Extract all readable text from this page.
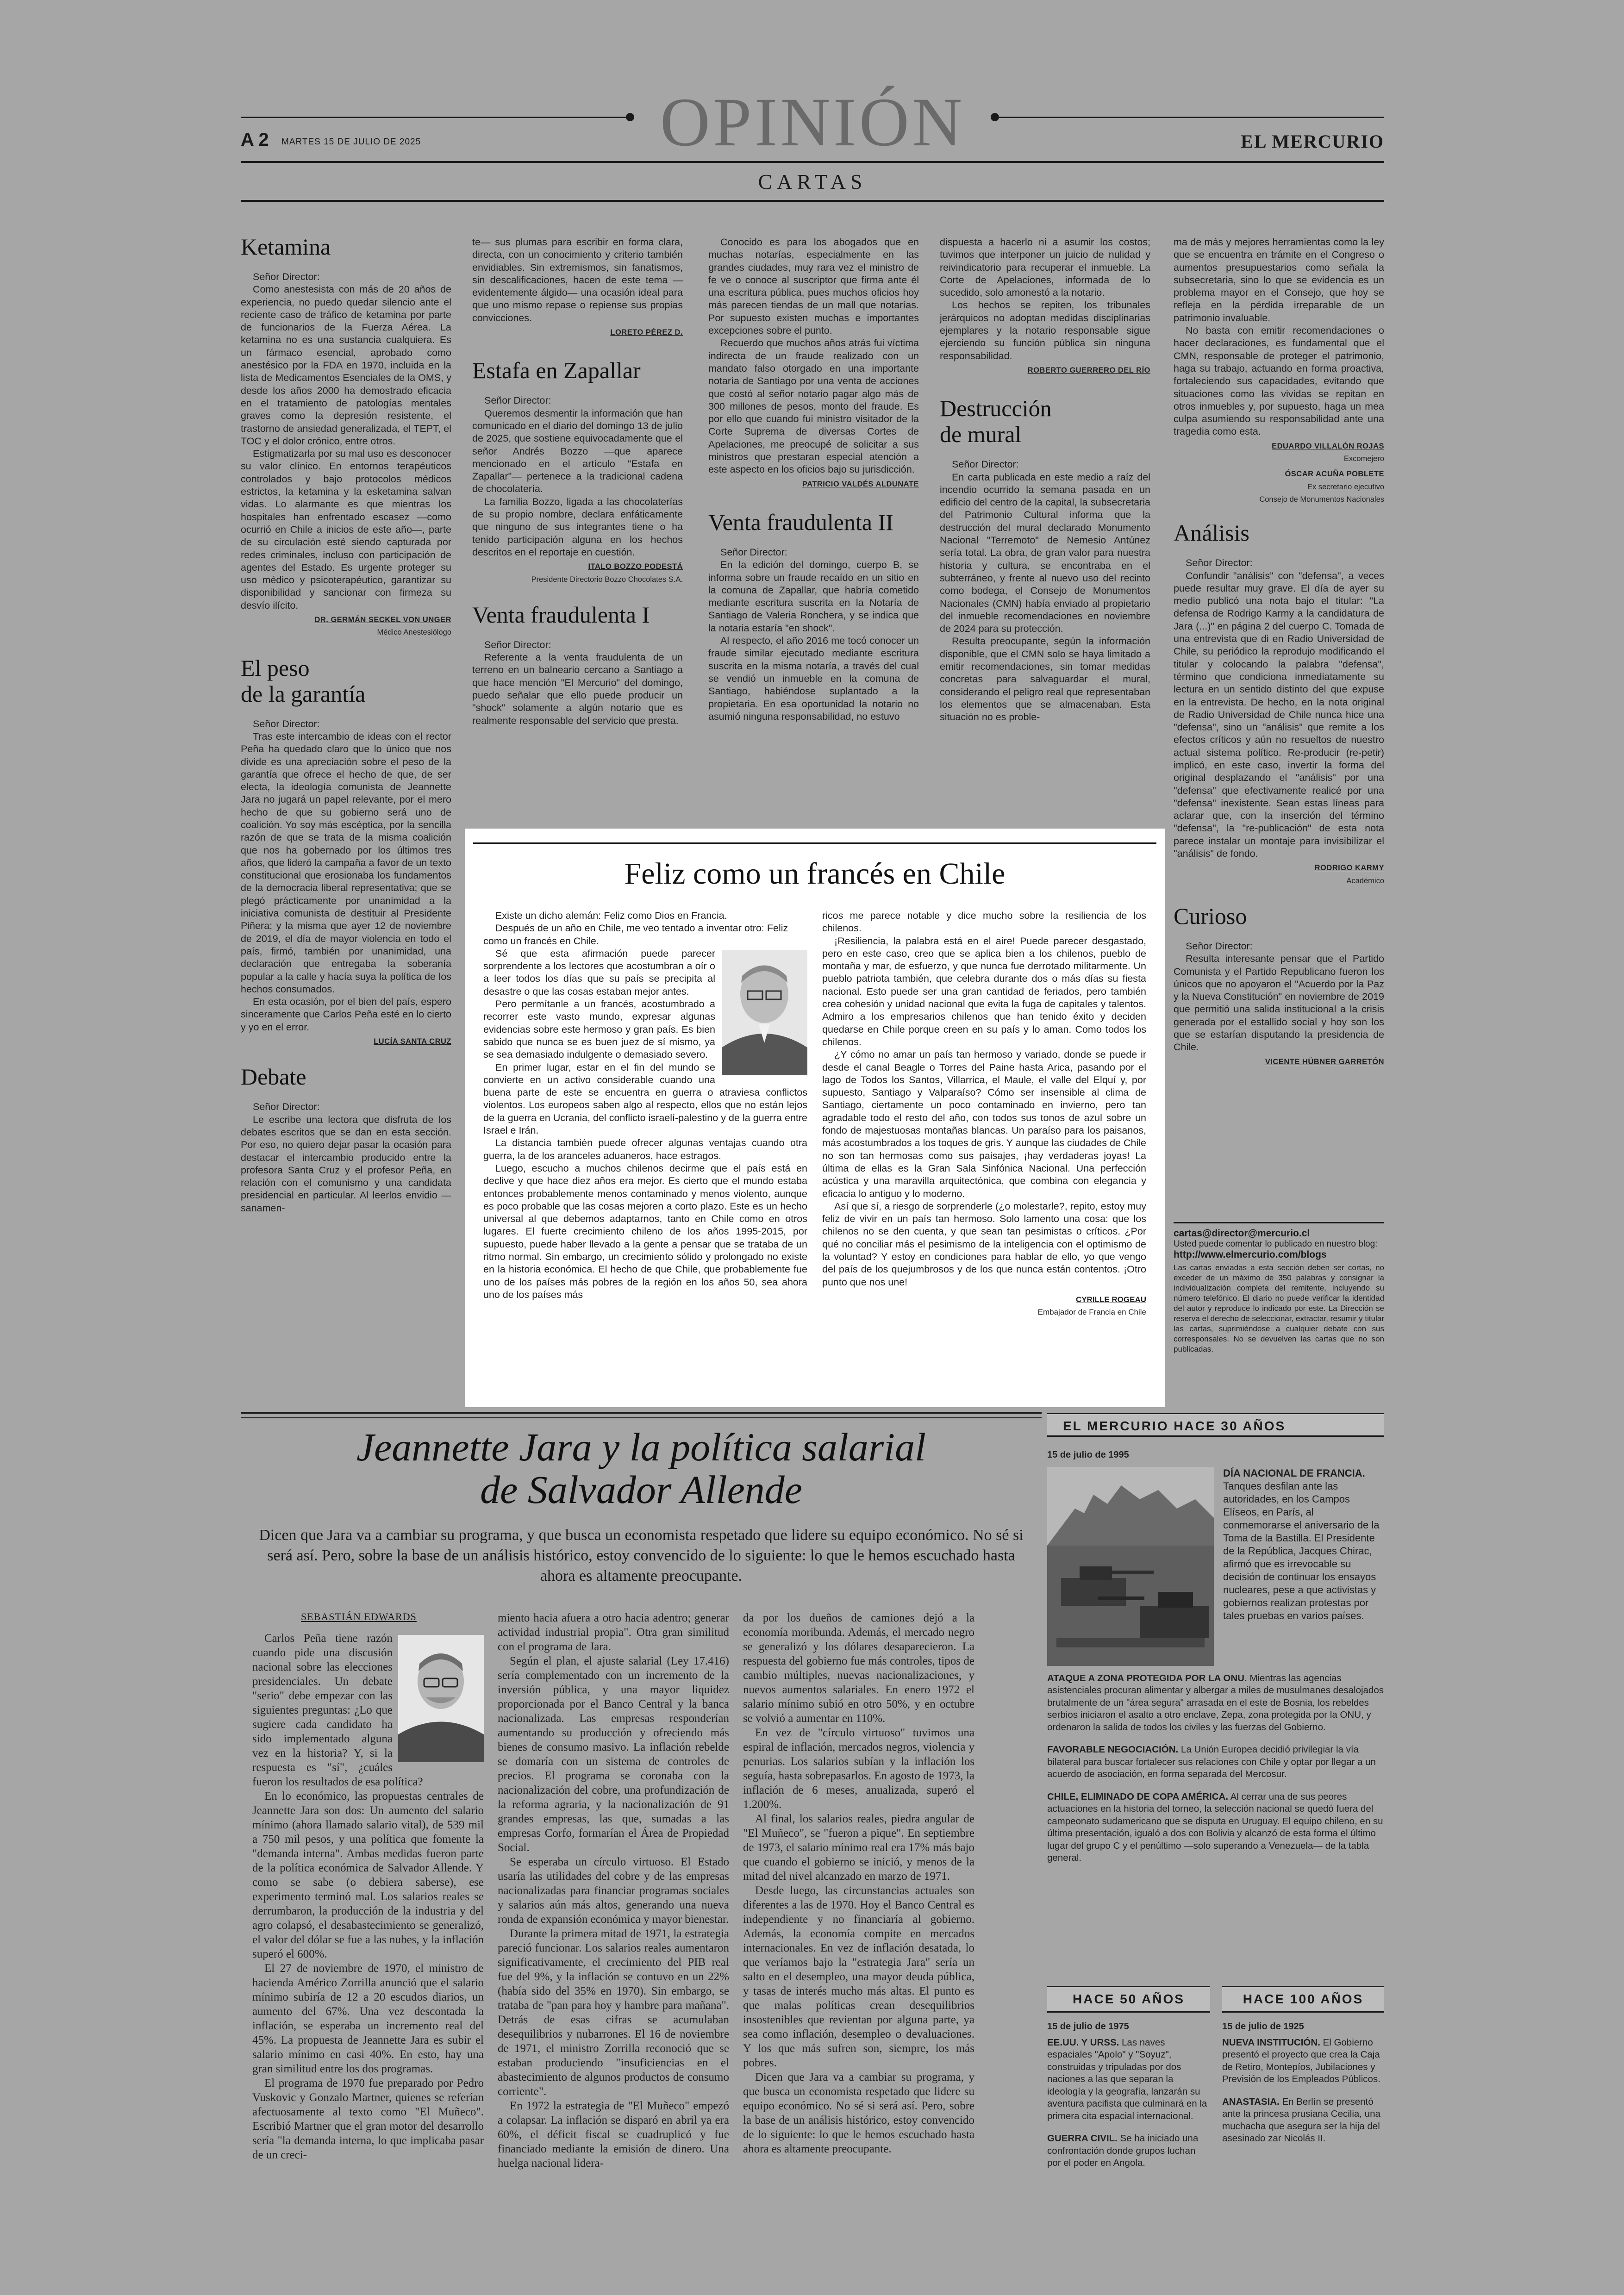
OPINIÓN
A 2 MARTES 15 DE JULIO DE 2025	EL MERCURIO
CARTAS
Ketamina

Señor Director:

Como anestesista con más de 20 años de experiencia, no puedo quedar silencio ante el reciente caso de tráfico de ketamina por parte de funcionarios de la Fuerza Aérea. La ketamina no es una sustancia cualquiera. Es un fármaco esencial, aprobado como anestésico por la FDA en 1970, incluida en la lista de Medicamentos Esenciales de la OMS, y desde los años 2000 ha demostrado eficacia en el tratamiento de patologías mentales graves como la depresión resistente, el trastorno de ansiedad generalizada, el TEPT, el TOC y el dolor crónico, entre otros.

Estigmatizarla por su mal uso es desconocer su valor clínico. En entornos terapéuticos controlados y bajo protocolos médicos estrictos, la ketamina y la esketamina salvan vidas. Lo alarmante es que mientras los hospitales han enfrentado escasez —como ocurrió en Chile a inicios de este año—, parte de su circulación esté siendo capturada por redes criminales, incluso con participación de agentes del Estado. Es urgente proteger su uso médico y psicoterapéutico, garantizar su disponibilidad y sancionar con firmeza su desvío ilícito.

DR. GERMÁN SECKEL VON UNGER
Médico Anestesiólogo
El peso
de la garantía

Señor Director:

Tras este intercambio de ideas con el rector Peña ha quedado claro que lo único que nos divide es una apreciación sobre el peso de la garantía que ofrece el hecho de que, de ser electa, la ideología comunista de Jeannette Jara no jugará un papel relevante, por el mero hecho de que su gobierno será uno de coalición. Yo soy más escéptica, por la sencilla razón de que se trata de la misma coalición que nos ha gobernado por los últimos tres años, que lideró la campaña a favor de un texto constitucional que erosionaba los fundamentos de la democracia liberal representativa; que se plegó prácticamente por unanimidad a la iniciativa comunista de destituir al Presidente Piñera; y la misma que ayer 12 de noviembre de 2019, el día de mayor violencia en todo el país, firmó, también por unanimidad, una declaración que entregaba la soberanía popular a la calle y hacía suya la política de los hechos consumados.

En esta ocasión, por el bien del país, espero sinceramente que Carlos Peña esté en lo cierto y yo en el error.

LUCÍA SANTA CRUZ
Debate

Señor Director:

Le escribe una lectora que disfruta de los debates escritos que se dan en esta sección. Por eso, no quiero dejar pasar la ocasión para destacar el intercambio producido entre la profesora Santa Cruz y el profesor Peña, en relación con el comunismo y una candidata presidencial en particular. Al leerlos envidio —sanamen-

te— sus plumas para escribir en forma clara, directa, con un conocimiento y criterio también envidiables. Sin extremismos, sin fanatismos, sin descalificaciones, hacen de este tema —evidentemente álgido— una ocasión ideal para que uno mismo repase o repiense sus propias convicciones.

LORETO PÉREZ D.
Estafa en Zapallar

Señor Director:

Queremos desmentir la información que han comunicado en el diario del domingo 13 de julio de 2025, que sostiene equivocadamente que el señor Andrés Bozzo —que aparece mencionado en el artículo "Estafa en Zapallar"— pertenece a la tradicional cadena de chocolatería.

La familia Bozzo, ligada a las chocolaterías de su propio nombre, declara enfáticamente que ninguno de sus integrantes tiene o ha tenido participación alguna en los hechos descritos en el reportaje en cuestión.

ITALO BOZZO PODESTÁ
Presidente Directorio Bozzo Chocolates S.A.
Venta fraudulenta I

Señor Director:

Referente a la venta fraudulenta de un terreno en un balneario cercano a Santiago a que hace mención "El Mercurio" del domingo, puedo señalar que ello puede producir un "shock" solamente a algún notario que es realmente responsable del servicio que presta.

Conocido es para los abogados que en muchas notarías, especialmente en las grandes ciudades, muy rara vez el ministro de fe ve o conoce al suscriptor que firma ante él una escritura pública, pues muchos oficios hoy más parecen tiendas de un mall que notarías. Por supuesto existen muchas e importantes excepciones sobre el punto.

Recuerdo que muchos años atrás fui víctima indirecta de un fraude realizado con un mandato falso otorgado en una importante notaría de Santiago por una venta de acciones que costó al señor notario pagar algo más de 300 millones de pesos, monto del fraude. Es por ello que cuando fui ministro visitador de la Corte Suprema de diversas Cortes de Apelaciones, me preocupé de solicitar a sus ministros que prestaran especial atención a este aspecto en los oficios bajo su jurisdicción.

PATRICIO VALDÉS ALDUNATE
Venta fraudulenta II

Señor Director:

En la edición del domingo, cuerpo B, se informa sobre un fraude recaído en un sitio en la comuna de Zapallar, que habría cometido mediante escritura suscrita en la Notaría de Santiago de Valeria Ronchera, y se indica que la notaria estaría "en shock".

Al respecto, el año 2016 me tocó conocer un fraude similar ejecutado mediante escritura suscrita en la misma notaría, a través del cual se vendió un inmueble en la comuna de Santiago, habiéndose suplantado a la propietaria. En esa oportunidad la notario no asumió ninguna responsabilidad, no estuvo

dispuesta a hacerlo ni a asumir los costos; tuvimos que interponer un juicio de nulidad y reivindicatorio para recuperar el inmueble. La Corte de Apelaciones, informada de lo sucedido, solo amonestó a la notario.

Los hechos se repiten, los tribunales jerárquicos no adoptan medidas disciplinarias ejemplares y la notario responsable sigue ejerciendo su función pública sin ninguna responsabilidad.

ROBERTO GUERRERO DEL RÍO
Destrucción
de mural

Señor Director:

En carta publicada en este medio a raíz del incendio ocurrido la semana pasada en un edificio del centro de la capital, la subsecretaria del Patrimonio Cultural informa que la destrucción del mural declarado Monumento Nacional "Terremoto" de Nemesio Antúnez sería total. La obra, de gran valor para nuestra historia y cultura, se encontraba en el subterráneo, y frente al nuevo uso del recinto como bodega, el Consejo de Monumentos Nacionales (CMN) había enviado al propietario del inmueble recomendaciones en noviembre de 2024 para su protección.

Resulta preocupante, según la información disponible, que el CMN solo se haya limitado a emitir recomendaciones, sin tomar medidas concretas para salvaguardar el mural, considerando el peligro real que representaban los elementos que se almacenaban. Esta situación no es proble-

ma de más y mejores herramientas como la ley que se encuentra en trámite en el Congreso o aumentos presupuestarios como señala la subsecretaria, sino lo que se evidencia es un problema mayor en el Consejo, que hoy se refleja en la pérdida irreparable de un patrimonio invaluable.

No basta con emitir recomendaciones o hacer declaraciones, es fundamental que el CMN, responsable de proteger el patrimonio, haga su trabajo, actuando en forma proactiva, fortaleciendo sus capacidades, evitando que situaciones como las vividas se repitan en otros inmuebles y, por supuesto, haga un mea culpa asumiendo su responsabilidad ante una tragedia como esta.

EDUARDO VILLALÓN ROJAS
Excomejero
ÓSCAR ACUÑA POBLETE
Ex secretario ejecutivo
Consejo de Monumentos Nacionales
Análisis

Señor Director:

Confundir "análisis" con "defensa", a veces puede resultar muy grave. El día de ayer su medio publicó una nota bajo el titular: "La defensa de Rodrigo Karmy a la candidatura de Jara (...)" en página 2 del cuerpo C. Tomada de una entrevista que di en Radio Universidad de Chile, su periódico la reprodujo modificando el titular y colocando la palabra "defensa", término que condiciona inmediatamente su lectura en un sentido distinto del que expuse en la entrevista. De hecho, en la nota original de Radio Universidad de Chile nunca hice una "defensa", sino un "análisis" que remite a los efectos críticos y aún no resueltos de nuestro actual sistema político. Re-producir (re-petir) implicó, en este caso, invertir la forma del original desplazando el "análisis" por una "defensa" que efectivamente realicé por una "defensa" inexistente. Sean estas líneas para aclarar que, con la inserción del término "defensa", la "re-publicación" de esta nota parece instalar un montaje para invisibilizar el "análisis" de fondo.

RODRIGO KARMY
Académico
Curioso

Señor Director:

Resulta interesante pensar que el Partido Comunista y el Partido Republicano fueron los únicos que no apoyaron el "Acuerdo por la Paz y la Nueva Constitución" en noviembre de 2019 que permitió una salida institucional a la crisis generada por el estallido social y hoy son los que se estarían disputando la presidencia de Chile.

VICENTE HÜBNER GARRETÓN
cartas@director@mercurio.cl
Usted puede comentar lo publicado en nuestro blog:
http://www.elmercurio.com/blogs
Las cartas enviadas a esta sección deben ser cortas, no exceder de un máximo de 350 palabras y consignar la individualización completa del remitente, incluyendo su número telefónico. El diario no puede verificar la identidad del autor y reproduce lo indicado por este. La Dirección se reserva el derecho de seleccionar, extractar, resumir y titular las cartas, suprimiéndose a cualquier debate con sus corresponsales. No se devuelven las cartas que no son publicadas.
Feliz como un francés en Chile

Existe un dicho alemán: Feliz como Dios en Francia.

Después de un año en Chile, me veo tentado a inventar otro: Feliz como un francés en Chile.

Sé que esta afirmación puede parecer sorprendente a los lectores que acostumbran a oír o a leer todos los días que su país se precipita al desastre o que las cosas estaban mejor antes.

Pero permítanle a un francés, acostumbrado a recorrer este vasto mundo, expresar algunas evidencias sobre este hermoso y gran país. Es bien sabido que nunca se es buen juez de sí mismo, ya se sea demasiado indulgente o demasiado severo.

En primer lugar, estar en el fin del mundo se convierte en un activo considerable cuando una buena parte de este se encuentra en guerra o atraviesa conflictos violentos. Los europeos saben algo al respecto, ellos que no están lejos de la guerra en Ucrania, del conflicto israelí-palestino y de la guerra entre Israel e Irán.

La distancia también puede ofrecer algunas ventajas cuando otra guerra, la de los aranceles aduaneros, hace estragos.

Luego, escucho a muchos chilenos decirme que el país está en declive y que hace diez años era mejor. Es cierto que el mundo estaba entonces probablemente menos contaminado y menos violento, aunque es poco probable que las cosas mejoren a corto plazo. Este es un hecho universal al que debemos adaptarnos, tanto en Chile como en otros lugares. El fuerte crecimiento chileno de los años 1995-2015, por supuesto, puede haber llevado a la gente a pensar que se trataba de un ritmo normal. Sin embargo, un crecimiento sólido y prolongado no existe en la historia económica. El hecho de que Chile, que probablemente fue uno de los países más pobres de la región en los años 50, sea ahora uno de los países más

ricos me parece notable y dice mucho sobre la resiliencia de los chilenos.

¡Resiliencia, la palabra está en el aire! Puede parecer desgastado, pero en este caso, creo que se aplica bien a los chilenos, pueblo de montaña y mar, de esfuerzo, y que nunca fue derrotado militarmente. Un pueblo patriota también, que celebra durante dos o más días su fiesta nacional. Esto puede ser una gran cantidad de feriados, pero también crea cohesión y unidad nacional que evita la fuga de capitales y talentos. Admiro a los empresarios chilenos que han tenido éxito y deciden quedarse en Chile porque creen en su país y lo aman. Como todos los chilenos.

¿Y cómo no amar un país tan hermoso y variado, donde se puede ir desde el canal Beagle o Torres del Paine hasta Arica, pasando por el lago de Todos los Santos, Villarrica, el Maule, el valle del Elquí y, por supuesto, Santiago y Valparaíso? Cómo ser insensible al clima de Santiago, ciertamente un poco contaminado en invierno, pero tan agradable todo el resto del año, con todos sus tonos de azul sobre un fondo de majestuosas montañas blancas. Un paraíso para los paisanos, más acostumbrados a los toques de gris. Y aunque las ciudades de Chile no son tan hermosas como sus paisajes, ¡hay verdaderas joyas! La última de ellas es la Gran Sala Sinfónica Nacional. Una perfección acústica y una maravilla arquitectónica, que combina con elegancia y eficacia lo antiguo y lo moderno.

Así que sí, a riesgo de sorprenderle (¿o molestarle?, repito, estoy muy feliz de vivir en un país tan hermoso. Solo lamento una cosa: que los chilenos no se den cuenta, y que sean tan pesimistas o críticos. ¿Por qué no conciliar más el pesimismo de la inteligencia con el optimismo de la voluntad? Y estoy en condiciones para hablar de ello, yo que vengo del país de los quejumbrosos y de los que nunca están contentos. ¡Otro punto que nos une!

CYRILLE ROGEAU
Embajador de Francia en Chile
Jeannette Jara y la política salarial
de Salvador Allende
Dicen que Jara va a cambiar su programa, y que busca un economista respetado que lidere su equipo económico. No sé si será así. Pero, sobre la base de un análisis histórico, estoy convencido de lo siguiente: lo que le hemos escuchado hasta ahora es altamente preocupante.
SEBASTIÁN EDWARDS

Carlos Peña tiene razón cuando pide una discusión nacional sobre las elecciones presidenciales. Un debate "serio" debe empezar con las siguientes preguntas: ¿Lo que sugiere cada candidato ha sido implementado alguna vez en la historia? Y, si la respuesta es "sí", ¿cuáles fueron los resultados de esa política?

En lo económico, las propuestas centrales de Jeannette Jara son dos: Un aumento del salario mínimo (ahora llamado salario vital), de 539 mil a 750 mil pesos, y una política que fomente la "demanda interna". Ambas medidas fueron parte de la política económica de Salvador Allende. Y como se sabe (o debiera saberse), ese experimento terminó mal. Los salarios reales se derrumbaron, la producción de la industria y del agro colapsó, el desabastecimiento se generalizó, el valor del dólar se fue a las nubes, y la inflación superó el 600%.

El 27 de noviembre de 1970, el ministro de hacienda Américo Zorrilla anunció que el salario mínimo subiría de 12 a 20 escudos diarios, un aumento del 67%. Una vez descontada la inflación, se esperaba un incremento real del 45%. La propuesta de Jeannette Jara es subir el salario mínimo en casi 40%. En esto, hay una gran similitud entre los dos programas.

El programa de 1970 fue preparado por Pedro Vuskovic y Gonzalo Martner, quienes se referían afectuosamente al texto como "El Muñeco". Escribió Martner que el gran motor del desarrollo sería "la demanda interna, lo que implicaba pasar de un creci-

miento hacia afuera a otro hacia adentro; generar actividad industrial propia". Otra gran similitud con el programa de Jara.

Según el plan, el ajuste salarial (Ley 17.416) sería complementado con un incremento de la inversión pública, y una mayor liquidez proporcionada por el Banco Central y la banca nacionalizada. Las empresas responderían aumentando su producción y ofreciendo más bienes de consumo masivo. La inflación rebelde se domaría con un sistema de controles de precios. El programa se coronaba con la nacionalización del cobre, una profundización de la reforma agraria, y la nacionalización de 91 grandes empresas, las que, sumadas a las empresas Corfo, formarían el Área de Propiedad Social.

Se esperaba un círculo virtuoso. El Estado usaría las utilidades del cobre y de las empresas nacionalizadas para financiar programas sociales y salarios aún más altos, generando una nueva ronda de expansión económica y mayor bienestar.

Durante la primera mitad de 1971, la estrategia pareció funcionar. Los salarios reales aumentaron significativamente, el crecimiento del PIB real fue del 9%, y la inflación se contuvo en un 22% (había sido del 35% en 1970). Sin embargo, se trataba de "pan para hoy y hambre para mañana". Detrás de esas cifras se acumulaban desequilibrios y nubarrones. El 16 de noviembre de 1971, el ministro Zorrilla reconoció que se estaban produciendo "insuficiencias en el abastecimiento de algunos productos de consumo corriente".

En 1972 la estrategia de "El Muñeco" empezó a colapsar. La inflación se disparó en abril ya era 60%, el déficit fiscal se cuadruplicó y fue financiado mediante la emisión de dinero. Una huelga nacional lidera-

da por los dueños de camiones dejó a la economía moribunda. Además, el mercado negro se generalizó y los dólares desaparecieron. La respuesta del gobierno fue más controles, tipos de cambio múltiples, nuevas nacionalizaciones, y nuevos aumentos salariales. En enero 1972 el salario mínimo subió en otro 50%, y en octubre se volvió a aumentar en 110%.

En vez de "círculo virtuoso" tuvimos una espiral de inflación, mercados negros, violencia y penurias. Los salarios subían y la inflación los seguía, hasta sobrepasarlos. En agosto de 1973, la inflación de 6 meses, anualizada, superó el 1.200%.

Al final, los salarios reales, piedra angular de "El Muñeco", se "fueron a pique". En septiembre de 1973, el salario mínimo real era 17% más bajo que cuando el gobierno se inició, y menos de la mitad del nivel alcanzado en marzo de 1971.

Desde luego, las circunstancias actuales son diferentes a las de 1970. Hoy el Banco Central es independiente y no financiaría al gobierno. Además, la economía compite en mercados internacionales. En vez de inflación desatada, lo que veríamos bajo la "estrategia Jara" sería un salto en el desempleo, una mayor deuda pública, y tasas de interés mucho más altas. El punto es que malas políticas crean desequilibrios insostenibles que revientan por alguna parte, ya sea como inflación, desempleo o devaluaciones. Y los que más sufren son, siempre, los más pobres.

Dicen que Jara va a cambiar su programa, y que busca un economista respetado que lidere su equipo económico. No sé si será así. Pero, sobre la base de un análisis histórico, estoy convencido de lo siguiente: lo que le hemos escuchado hasta ahora es altamente preocupante.

EL MERCURIO HACE 30 AÑOS
15 de julio de 1995

DÍA NACIONAL DE FRANCIA. Tanques desfilan ante las autoridades, en los Campos Elíseos, en París, al conmemorarse el aniversario de la Toma de la Bastilla. El Presidente de la República, Jacques Chirac, afirmó que es irrevocable su decisión de continuar los ensayos nucleares, pese a que activistas y gobiernos realizan protestas por tales pruebas en varios países.

ATAQUE A ZONA PROTEGIDA POR LA ONU. Mientras las agencias asistenciales procuran alimentar y albergar a miles de musulmanes desalojados brutalmente de un "área segura" arrasada en el este de Bosnia, los rebeldes serbios iniciaron el asalto a otro enclave, Zepa, zona protegida por la ONU, y ordenaron la salida de todos los civiles y las fuerzas del Gobierno.

FAVORABLE NEGOCIACIÓN. La Unión Europea decidió privilegiar la vía bilateral para buscar fortalecer sus relaciones con Chile y optar por llegar a un acuerdo de asociación, en forma separada del Mercosur.

CHILE, ELIMINADO DE COPA AMÉRICA. Al cerrar una de sus peores actuaciones en la historia del torneo, la selección nacional se quedó fuera del campeonato sudamericano que se disputa en Uruguay. El equipo chileno, en su última presentación, igualó a dos con Bolivia y alcanzó de esta forma el último lugar del grupo C y el penúltimo —solo superando a Venezuela— de la tabla general.

HACE 50 AÑOS	HACE 100 AÑOS
15 de julio de 1975

EE.UU. Y URSS. Las naves espaciales "Apolo" y "Soyuz", construidas y tripuladas por dos naciones a las que separan la ideología y la geografía, lanzarán su aventura pacifista que culminará en la primera cita espacial internacional.

GUERRA CIVIL. Se ha iniciado una confrontación donde grupos luchan por el poder en Angola.

15 de julio de 1925

NUEVA INSTITUCIÓN. El Gobierno presentó el proyecto que crea la Caja de Retiro, Montepíos, Jubilaciones y Previsión de los Empleados Públicos.

ANASTASIA. En Berlín se presentó ante la princesa prusiana Cecilia, una muchacha que asegura ser la hija del asesinado zar Nicolás II.
